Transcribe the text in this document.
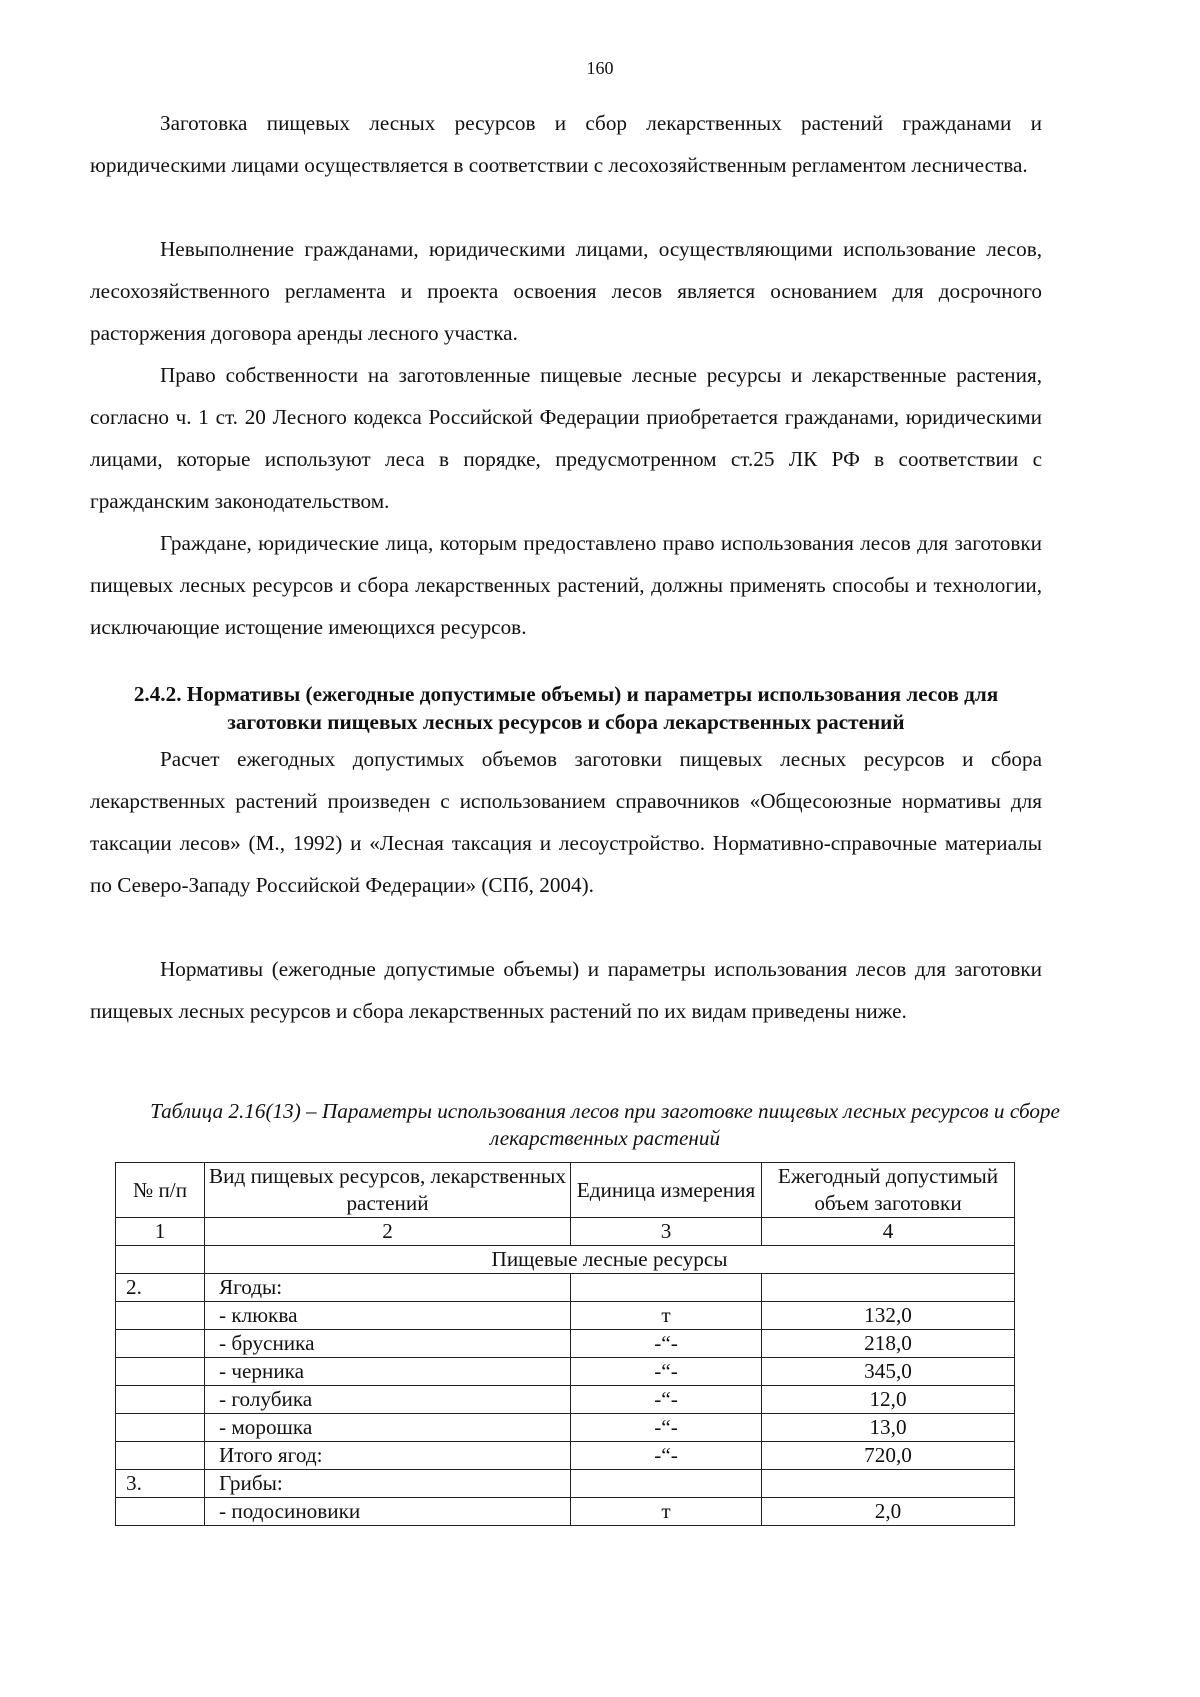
160

Заготовка пищевых лесных ресурсов и сбор лекарственных растений гражданами и юридическими лицами осуществляется в соответствии с лесохозяйственным регламентом лесничества.

Невыполнение гражданами, юридическими лицами, осуществляющими использование лесов, лесохозяйственного регламента и проекта освоения лесов является основанием для досрочного расторжения договора аренды лесного участка.

Право собственности на заготовленные пищевые лесные ресурсы и лекарственные растения, согласно ч. 1 ст. 20 Лесного кодекса Российской Федерации приобретается гражданами, юридическими лицами, которые используют леса в порядке, предусмотренном ст.25 ЛК РФ в соответствии с гражданским законодательством.

Граждане, юридические лица, которым предоставлено право использования лесов для заготовки пищевых лесных ресурсов и сбора лекарственных растений, должны применять способы и технологии, исключающие истощение имеющихся ресурсов.

2.4.2. Нормативы (ежегодные допустимые объемы) и параметры использования лесов для заготовки пищевых лесных ресурсов и сбора лекарственных растений

Расчет ежегодных допустимых объемов заготовки пищевых лесных ресурсов и сбора лекарственных растений произведен с использованием справочников «Общесоюзные нормативы для таксации лесов» (М., 1992) и «Лесная таксация и лесоустройство. Нормативно-справочные материалы по Северо-Западу Российской Федерации» (СПб, 2004).

Нормативы (ежегодные допустимые объемы) и параметры использования лесов для заготовки пищевых лесных ресурсов и сбора лекарственных растений по их видам приведены ниже.

Таблица 2.16(13) – Параметры использования лесов при заготовке пищевых лесных ресурсов и сборе лекарственных растений

№ п/п	Вид пищевых ресурсов, лекарственных растений	Единица измерения	Ежегодный допустимый объем заготовки
1	2	3	4
	Пищевые лесные ресурсы		
2.	Ягоды:		
	- клюква	т	132,0
	- брусника	-“-	218,0
	- черника	-“-	345,0
	- голубика	-“-	12,0
	- морошка	-“-	13,0
	Итого ягод:	-“-	720,0
3.	Грибы:		
	- подосиновики	т	2,0
